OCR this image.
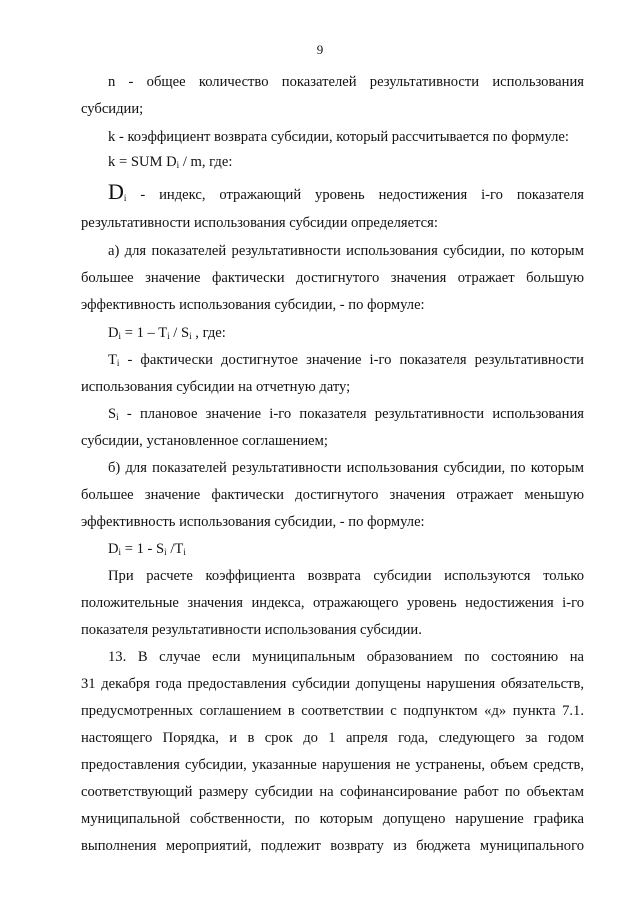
9
n - общее количество показателей результативности использования
субсидии;
k - коэффициент возврата субсидии, который рассчитывается по формуле:
k = SUM $D_i$ / m, где:
$D_i$ - индекс, отражающий уровень недостижения i-го показателя
результативности использования субсидии определяется:
а) для показателей результативности использования субсидии, по которым
большее значение фактически достигнутого значения отражает большую
эффективность использования субсидии, - по формуле:
$D_i = 1 - T_i / S_i$ , где:
$T_i$ - фактически достигнутое значение i-го показателя результативности
использования субсидии на отчетную дату;
$S_i$ - плановое значение i-го показателя результативности использования
субсидии, установленное соглашением;
б) для показателей результативности использования субсидии, по которым
большее значение фактически достигнутого значения отражает меньшую
эффективность использования субсидии, - по формуле:
$D_i = 1 - S_i$ $/T_i$
При расчете коэффициента возврата субсидии используются только
положительные значения индекса, отражающего уровень недостижения i-го
показателя результативности использования субсидии.
13. В случае если муниципальным образованием по состоянию на
31 декабря года предоставления субсидии допущены нарушения обязательств,
предусмотренных соглашением в соответствии с подпунктом «д» пункта 7.1.
настоящего Порядка, и в срок до 1 апреля года, следующего за годом
предоставления субсидии, указанные нарушения не устранены, объем средств,
соответствующий размеру субсидии на софинансирование работ по объектам
муниципальной собственности, по которым допущено нарушение графика
выполнения мероприятий, подлежит возврату из бюджета муниципального
